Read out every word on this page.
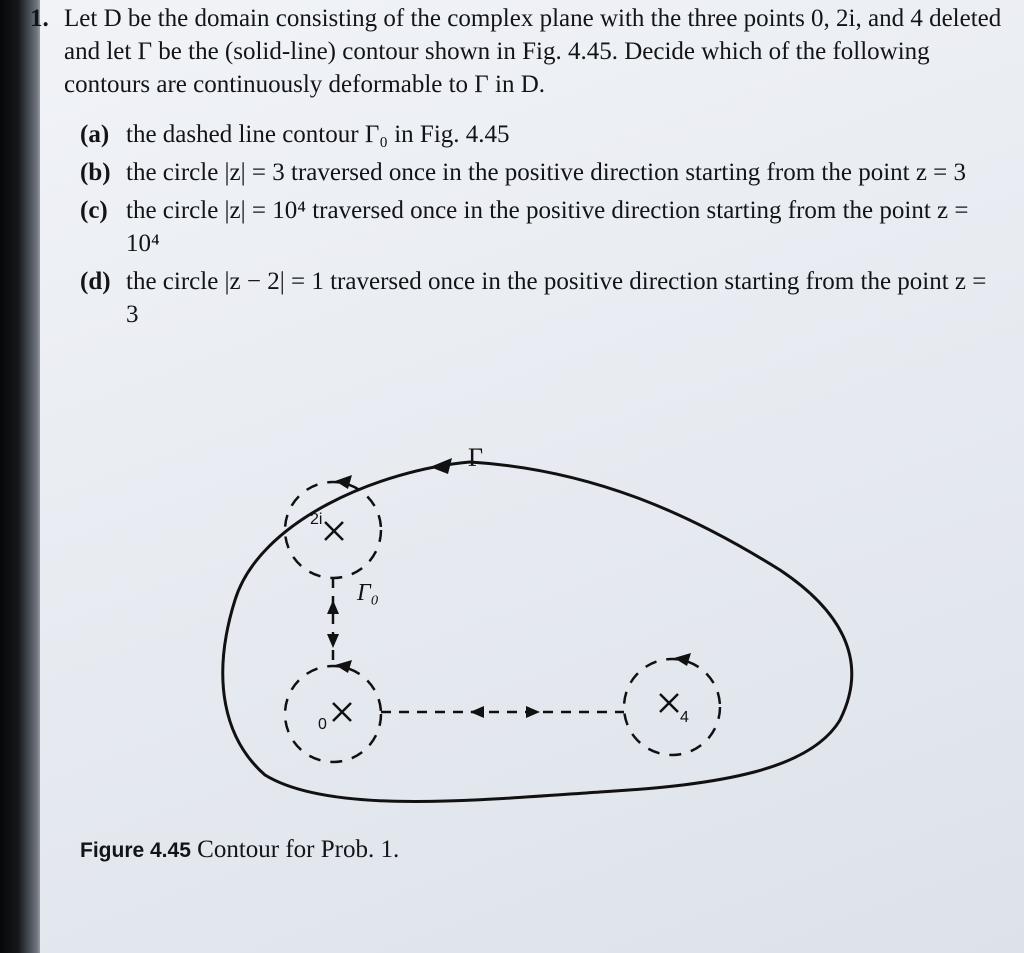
1. Let D be the domain consisting of the complex plane with the three points 0, 2i, and 4 deleted and let Γ be the (solid-line) contour shown in Fig. 4.45. Decide which of the following contours are continuously deformable to Γ in D.
(a) the dashed line contour Γ₀ in Fig. 4.45
(b) the circle |z| = 3 traversed once in the positive direction starting from the point z = 3
(c) the circle |z| = 10⁴ traversed once in the positive direction starting from the point z = 10⁴
(d) the circle |z − 2| = 1 traversed once in the positive direction starting from the point z = 3
Γ
Γ₀
2i
0	4
Figure 4.45 Contour for Prob. 1.
